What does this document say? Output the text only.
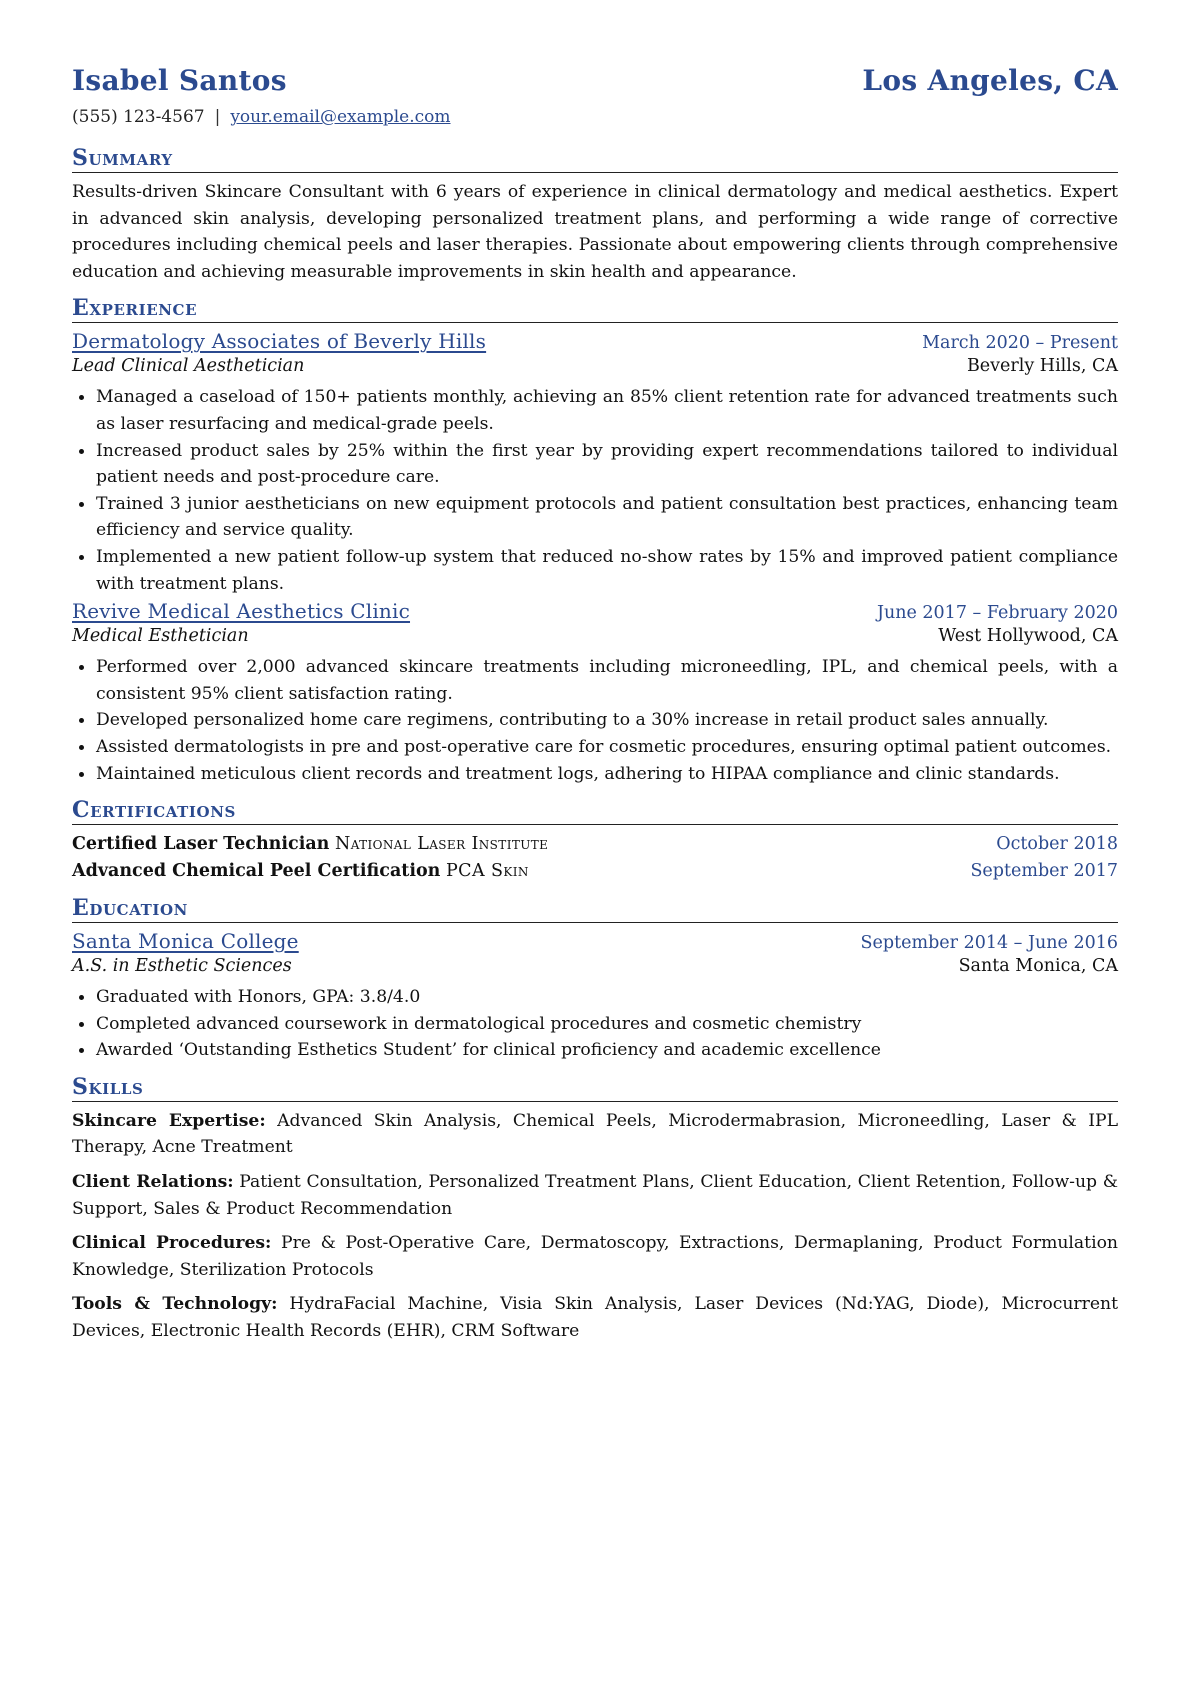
Isabel Santos	Los Angeles, CA
(555) 123-4567 | your.email@example.com
Summary
Results-driven Skincare Consultant with 6 years of experience in clinical dermatology and medical aesthetics. Expert in advanced skin analysis, developing personalized treatment plans, and performing a wide range of corrective procedures including chemical peels and laser therapies. Passionate about empowering clients through comprehensive education and achieving measurable improvements in skin health and appearance.
Experience
Dermatology Associates of Beverly Hills	March 2020 – Present
Lead Clinical Aesthetician	Beverly Hills, CA
Managed a caseload of 150+ patients monthly, achieving an 85% client retention rate for advanced treatments such as laser resurfacing and medical-grade peels.
Increased product sales by 25% within the first year by providing expert recommendations tailored to individual patient needs and post-procedure care.
Trained 3 junior aestheticians on new equipment protocols and patient consultation best practices, enhancing team efficiency and service quality.
Implemented a new patient follow-up system that reduced no-show rates by 15% and improved patient compliance with treatment plans.
Revive Medical Aesthetics Clinic	June 2017 – February 2020
Medical Esthetician	West Hollywood, CA
Performed over 2,000 advanced skincare treatments including microneedling, IPL, and chemical peels, with a consistent 95% client satisfaction rating.
Developed personalized home care regimens, contributing to a 30% increase in retail product sales annually.
Assisted dermatologists in pre and post-operative care for cosmetic procedures, ensuring optimal patient outcomes.
Maintained meticulous client records and treatment logs, adhering to HIPAA compliance and clinic standards.
Certifications
Certified Laser Technician National Laser Institute	October 2018
Advanced Chemical Peel Certification PCA Skin	September 2017
Education
Santa Monica College	September 2014 – June 2016
A.S. in Esthetic Sciences	Santa Monica, CA
Graduated with Honors, GPA: 3.8/4.0
Completed advanced coursework in dermatological procedures and cosmetic chemistry
Awarded ‘Outstanding Esthetics Student’ for clinical proficiency and academic excellence
Skills
Skincare Expertise: Advanced Skin Analysis, Chemical Peels, Microdermabrasion, Microneedling, Laser & IPL Therapy, Acne Treatment
Client Relations: Patient Consultation, Personalized Treatment Plans, Client Education, Client Retention, Follow-up & Support, Sales & Product Recommendation
Clinical Procedures: Pre & Post-Operative Care, Dermatoscopy, Extractions, Dermaplaning, Product Formulation Knowledge, Sterilization Protocols
Tools & Technology: HydraFacial Machine, Visia Skin Analysis, Laser Devices (Nd:YAG, Diode), Microcurrent Devices, Electronic Health Records (EHR), CRM Software
